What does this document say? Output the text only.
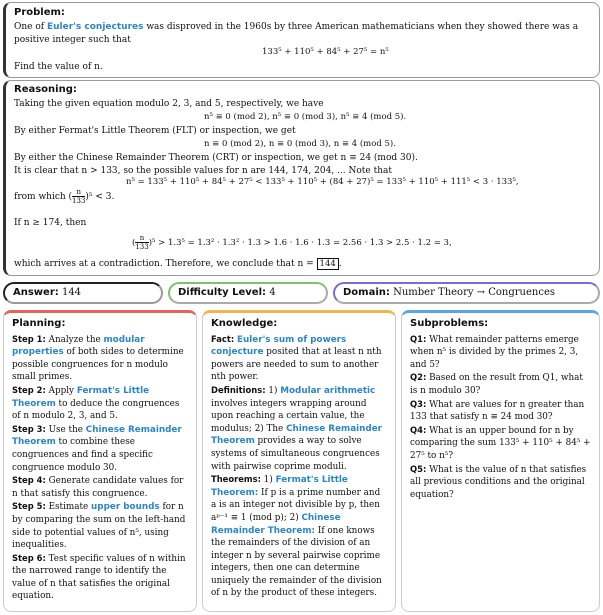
Problem:
One of Euler's conjectures was disproved in the 1960s by three American mathematicians when they showed there was a
positive integer such that
133⁵ + 110⁵ + 84⁵ + 27⁵ = n⁵
Find the value of n.
Reasoning:
Taking the given equation modulo 2, 3, and 5, respectively, we have
n⁵ ≡ 0 (mod 2), n⁵ ≡ 0 (mod 3), n⁵ ≡ 4 (mod 5).
By either Fermat's Little Theorem (FLT) or inspection, we get
n ≡ 0 (mod 2), n ≡ 0 (mod 3), n ≡ 4 (mod 5).
By either the Chinese Remainder Theorem (CRT) or inspection, we get n ≡ 24 (mod 30).
It is clear that n > 133, so the possible values for n are 144, 174, 204, ... Note that
n⁵ = 133⁵ + 110⁵ + 84⁵ + 27⁵ < 133⁵ + 110⁵ + (84 + 27)⁵ = 133⁵ + 110⁵ + 111⁵ < 3 · 133⁵,
from which ( $\frac{n}{133} )^5 < 3$.
If n ≥ 174, then
( $\frac{n}{133} )^5 > 1.3^5 = 1.3^2 \cdot 1.3^2 \cdot 1.3 > 1.6 \cdot 1.6 \cdot 1.3 = 2.56 \cdot 1.3 > 2.5 \cdot 1.2 = 3$,
which arrives at a contradiction. Therefore, we conclude that n = 144 .
Answer: 144	Difficulty Level: 4	Domain: Number Theory → Congruences
Planning:
Step 1: Analyze the modular properties of both sides to determine possible congruences for n modulo small primes.
Step 2: Apply Fermat's Little Theorem to deduce the congruences of n modulo 2, 3, and 5.
Step 3: Use the Chinese Remainder Theorem to combine these congruences and find a specific congruence modulo 30.
Step 4: Generate candidate values for n that satisfy this congruence.
Step 5: Estimate upper bounds for n by comparing the sum on the left-hand side to potential values of n⁵, using inequalities.
Step 6: Test specific values of n within the narrowed range to identify the value of n that satisfies the original equation.
Knowledge:
Fact: Euler's sum of powers conjecture posited that at least n nth powers are needed to sum to another nth power.
Definitions: 1) Modular arithmetic involves integers wrapping around upon reaching a certain value, the modulus; 2) The Chinese Remainder Theorem provides a way to solve systems of simultaneous congruences with pairwise coprime moduli.
Theorems: 1) Fermat's Little Theorem: If p is a prime number and a is an integer not divisible by p, then aᵖ⁻¹ ≡ 1 (mod p); 2) Chinese Remainder Theorem: If one knows the remainders of the division of an integer n by several pairwise coprime integers, then one can determine uniquely the remainder of the division of n by the product of these integers.
Subproblems:
Q1: What remainder patterns emerge when n⁵ is divided by the primes 2, 3, and 5?
Q2: Based on the result from Q1, what is n modulo 30?
Q3: What are values for n greater than 133 that satisfy n ≡ 24 mod 30?
Q4: What is an upper bound for n by comparing the sum 133⁵ + 110⁵ + 84⁵ + 27⁵ to n⁵?
Q5: What is the value of n that satisfies all previous conditions and the original equation?
